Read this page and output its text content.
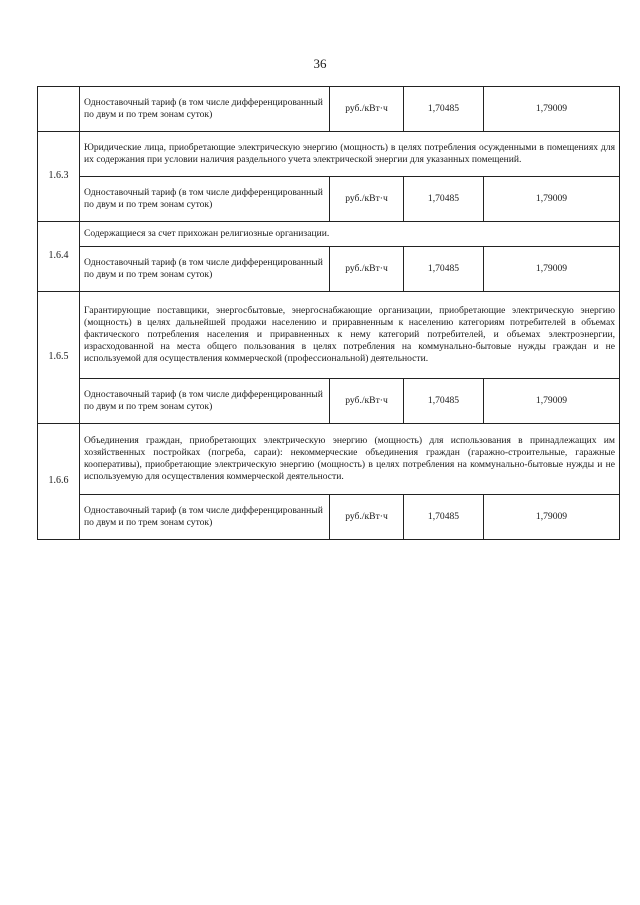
36
	Одноставочный тариф (в том числе дифференцированный по двум и по трем зонам суток)	руб./кВт·ч	1,70485	1,79009
1.6.3	Юридические лица, приобретающие электрическую энергию (мощность) в целях потребления осужденными в помещениях для их содержания при условии наличия раздельного учета электрической энергии для указанных помещений.			
	Одноставочный тариф (в том числе дифференцированный по двум и по трем зонам суток)	руб./кВт·ч	1,70485	1,79009
1.6.4	Содержащиеся за счет прихожан религиозные организации.			
	Одноставочный тариф (в том числе дифференцированный по двум и по трем зонам суток)	руб./кВт·ч	1,70485	1,79009
1.6.5	Гарантирующие поставщики, энергосбытовые, энергоснабжающие организации, приобретающие электрическую энергию (мощность) в целях дальнейшей продажи населению и приравненным к населению категориям потребителей в объемах фактического потребления населения и приравненных к нему категорий потребителей, и объемах электроэнергии, израсходованной на места общего пользования в целях потребления на коммунально-бытовые нужды граждан и не используемой для осуществления коммерческой (профессиональной) деятельности.			
	Одноставочный тариф (в том числе дифференцированный по двум и по трем зонам суток)	руб./кВт·ч	1,70485	1,79009
1.6.6	Объединения граждан, приобретающих электрическую энергию (мощность) для использования в принадлежащих им хозяйственных постройках (погреба, сараи): некоммерческие объединения граждан (гаражно-строительные, гаражные кооперативы), приобретающие электрическую энергию (мощность) в целях потребления на коммунально-бытовые нужды и не используемую для осуществления коммерческой деятельности.			
	Одноставочный тариф (в том числе дифференцированный по двум и по трем зонам суток)	руб./кВт·ч	1,70485	1,79009
